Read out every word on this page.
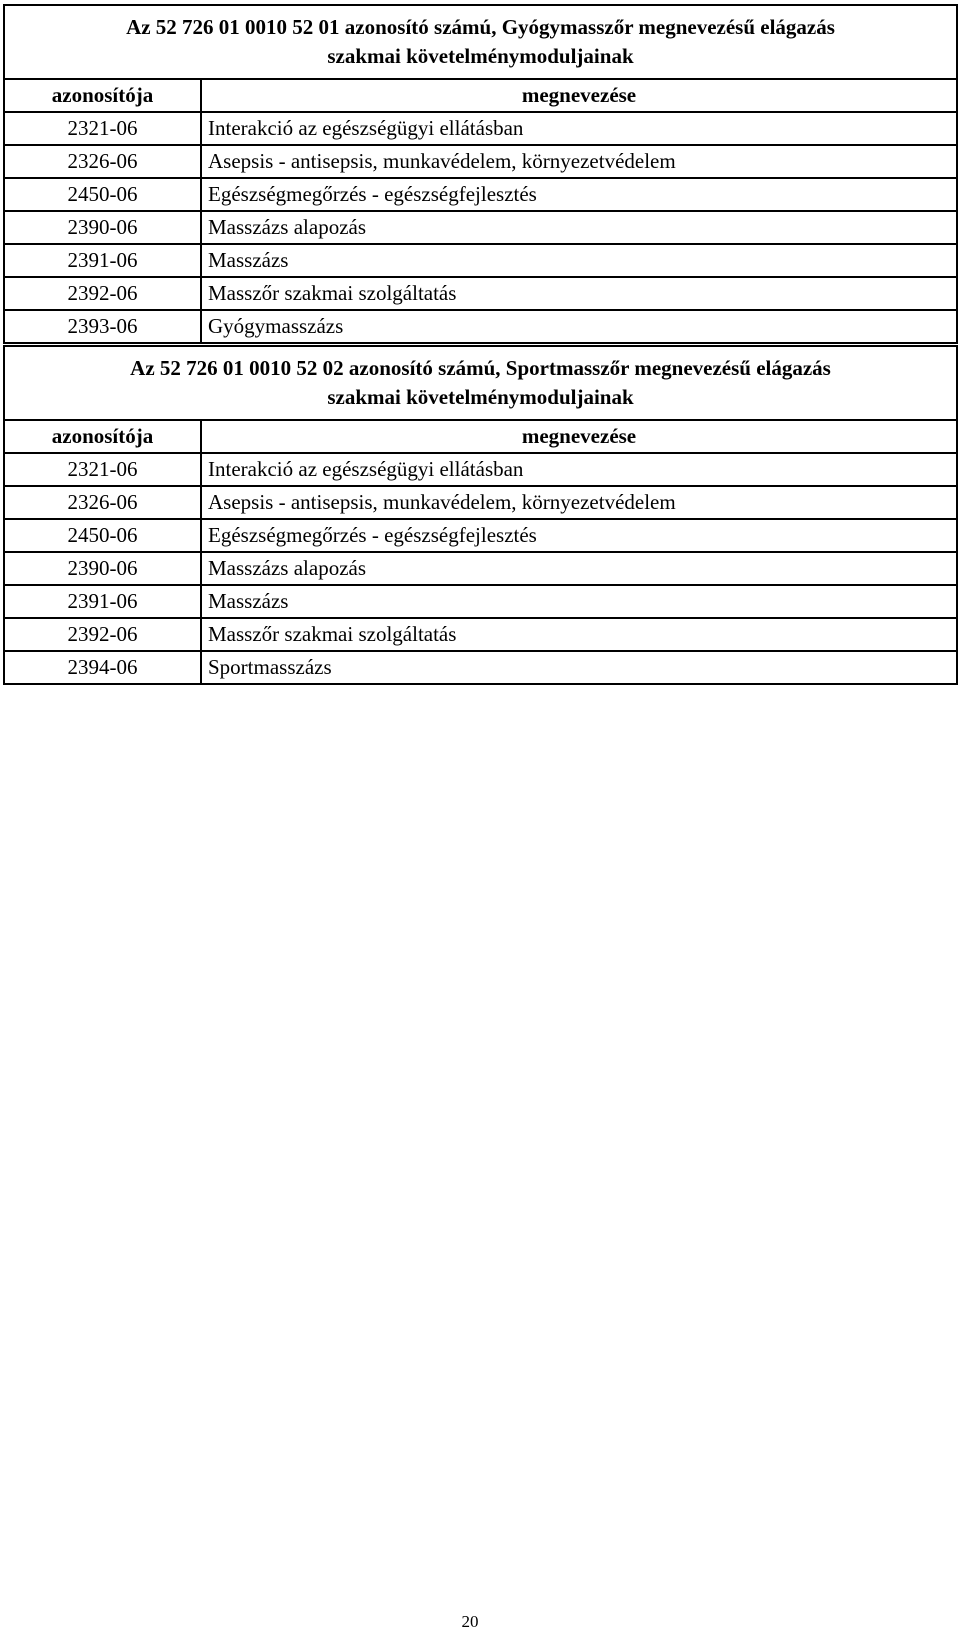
Az 52 726 01 0010 52 01 azonosító számú, Gyógymasszőr megnevezésű elágazás
szakmai követelménymoduljainak	

azonosítója	megnevezése
2321-06	Interakció az egészségügyi ellátásban
2326-06	Asepsis - antisepsis, munkavédelem, környezetvédelem
2450-06	Egészségmegőrzés - egészségfejlesztés
2390-06	Masszázs alapozás
2391-06	Masszázs
2392-06	Masszőr szakmai szolgáltatás
2393-06	Gyógymasszázs
Az 52 726 01 0010 52 02 azonosító számú, Sportmasszőr megnevezésű elágazás
szakmai követelménymoduljainak	

azonosítója	megnevezése
2321-06	Interakció az egészségügyi ellátásban
2326-06	Asepsis - antisepsis, munkavédelem, környezetvédelem
2450-06	Egészségmegőrzés - egészségfejlesztés
2390-06	Masszázs alapozás
2391-06	Masszázs
2392-06	Masszőr szakmai szolgáltatás
2394-06	Sportmasszázs
20
